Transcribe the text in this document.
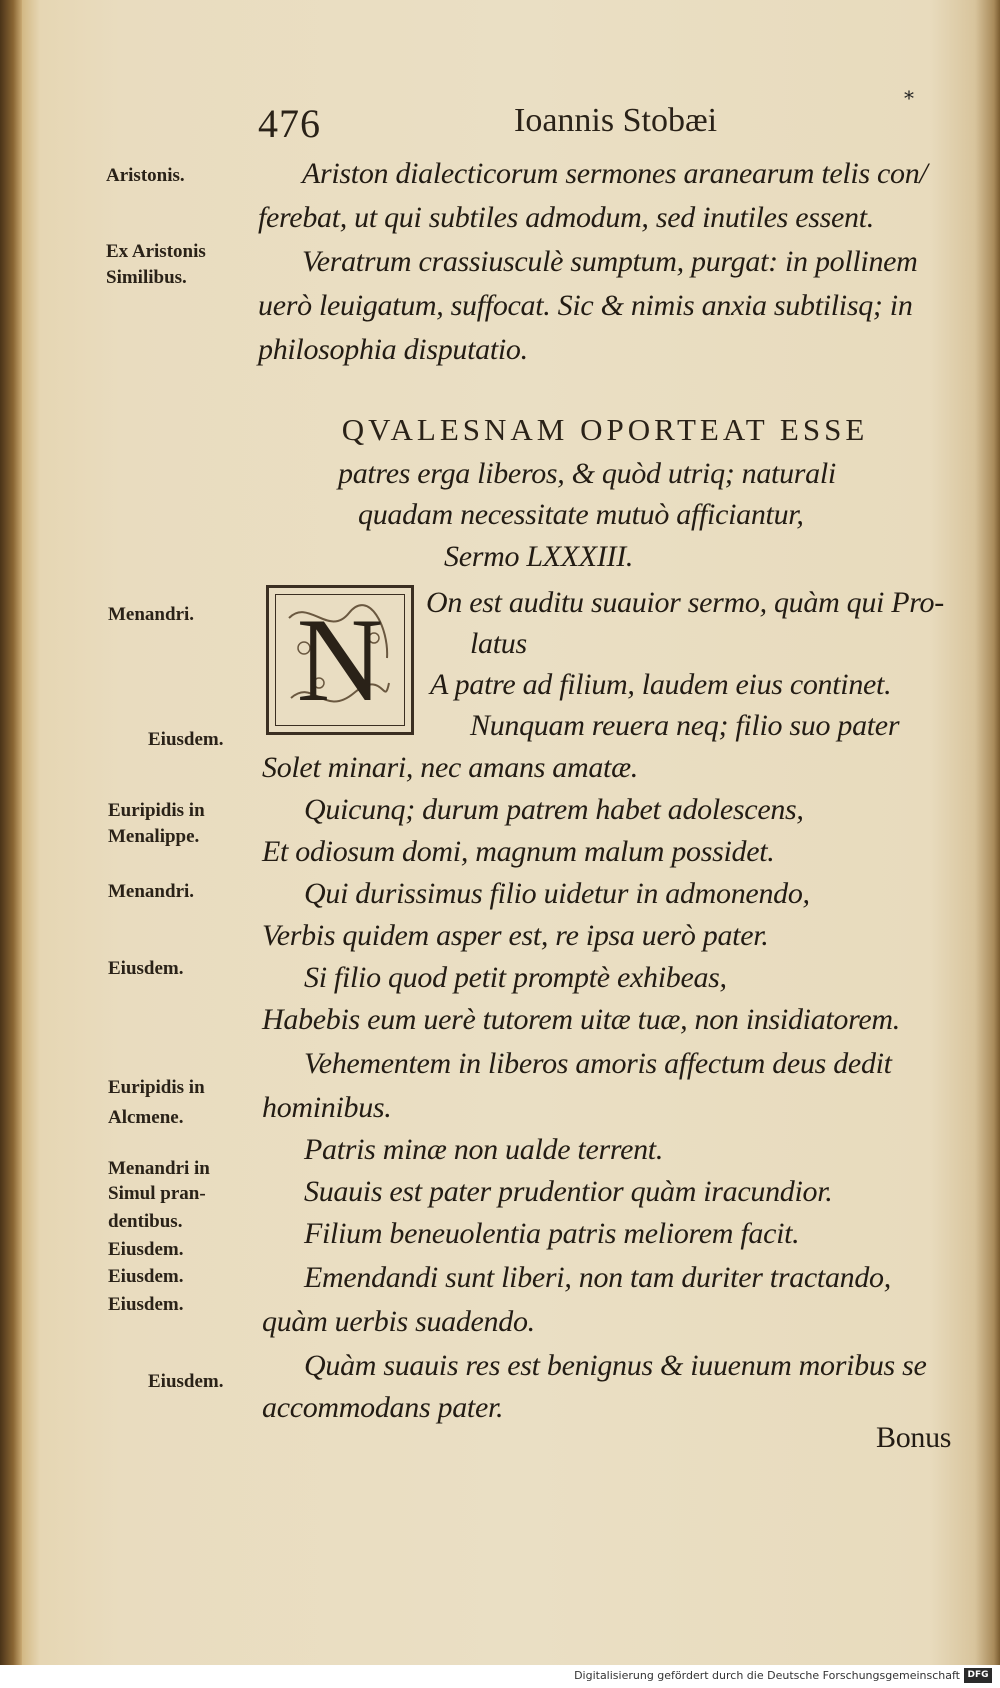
476	Ioannis Stobæi
*
Aristonis.
Ex Aristonis
Similibus.
Menandri.
Eiusdem.
Euripidis in
Menalippe.
Menandri.
Eiusdem.
Euripidis in
Alcmene.
Menandri in
Simul pran-
dentibus.
Eiusdem.
Eiusdem.
Eiusdem.
Eiusdem.
Ariston dialecticorum sermones aranearum telis con/
ferebat, ut qui subtiles admodum, sed inutiles essent.
Veratrum crassiusculè sumptum, purgat: in pollinem
uerò leuigatum, suffocat. Sic & nimis anxia subtilisq; in
philosophia disputatio.
QVALESNAM OPORTEAT ESSE
patres erga liberos, & quòd utriq; naturali
quadam necessitate mutuò afficiantur,
Sermo LXXXIII.
N	On est auditu suauior sermo, quàm qui Pro-
latus
A patre ad filium, laudem eius continet.
Nunquam reuera neq; filio suo pater
Solet minari, nec amans amatæ.
Quicunq; durum patrem habet adolescens,
Et odiosum domi, magnum malum possidet.
Qui durissimus filio uidetur in admonendo,
Verbis quidem asper est, re ipsa uerò pater.
Si filio quod petit promptè exhibeas,
Habebis eum uerè tutorem uitæ tuæ, non insidiatorem.
Vehementem in liberos amoris affectum deus dedit
hominibus.
Patris minæ non ualde terrent.
Suauis est pater prudentior quàm iracundior.
Filium beneuolentia patris meliorem facit.
Emendandi sunt liberi, non tam duriter tractando,
quàm uerbis suadendo.
Quàm suauis res est benignus & iuuenum moribus se
accommodans pater.
Bonus
Digitalisierung gefördert durch die Deutsche Forschungsgemeinschaft DFG
